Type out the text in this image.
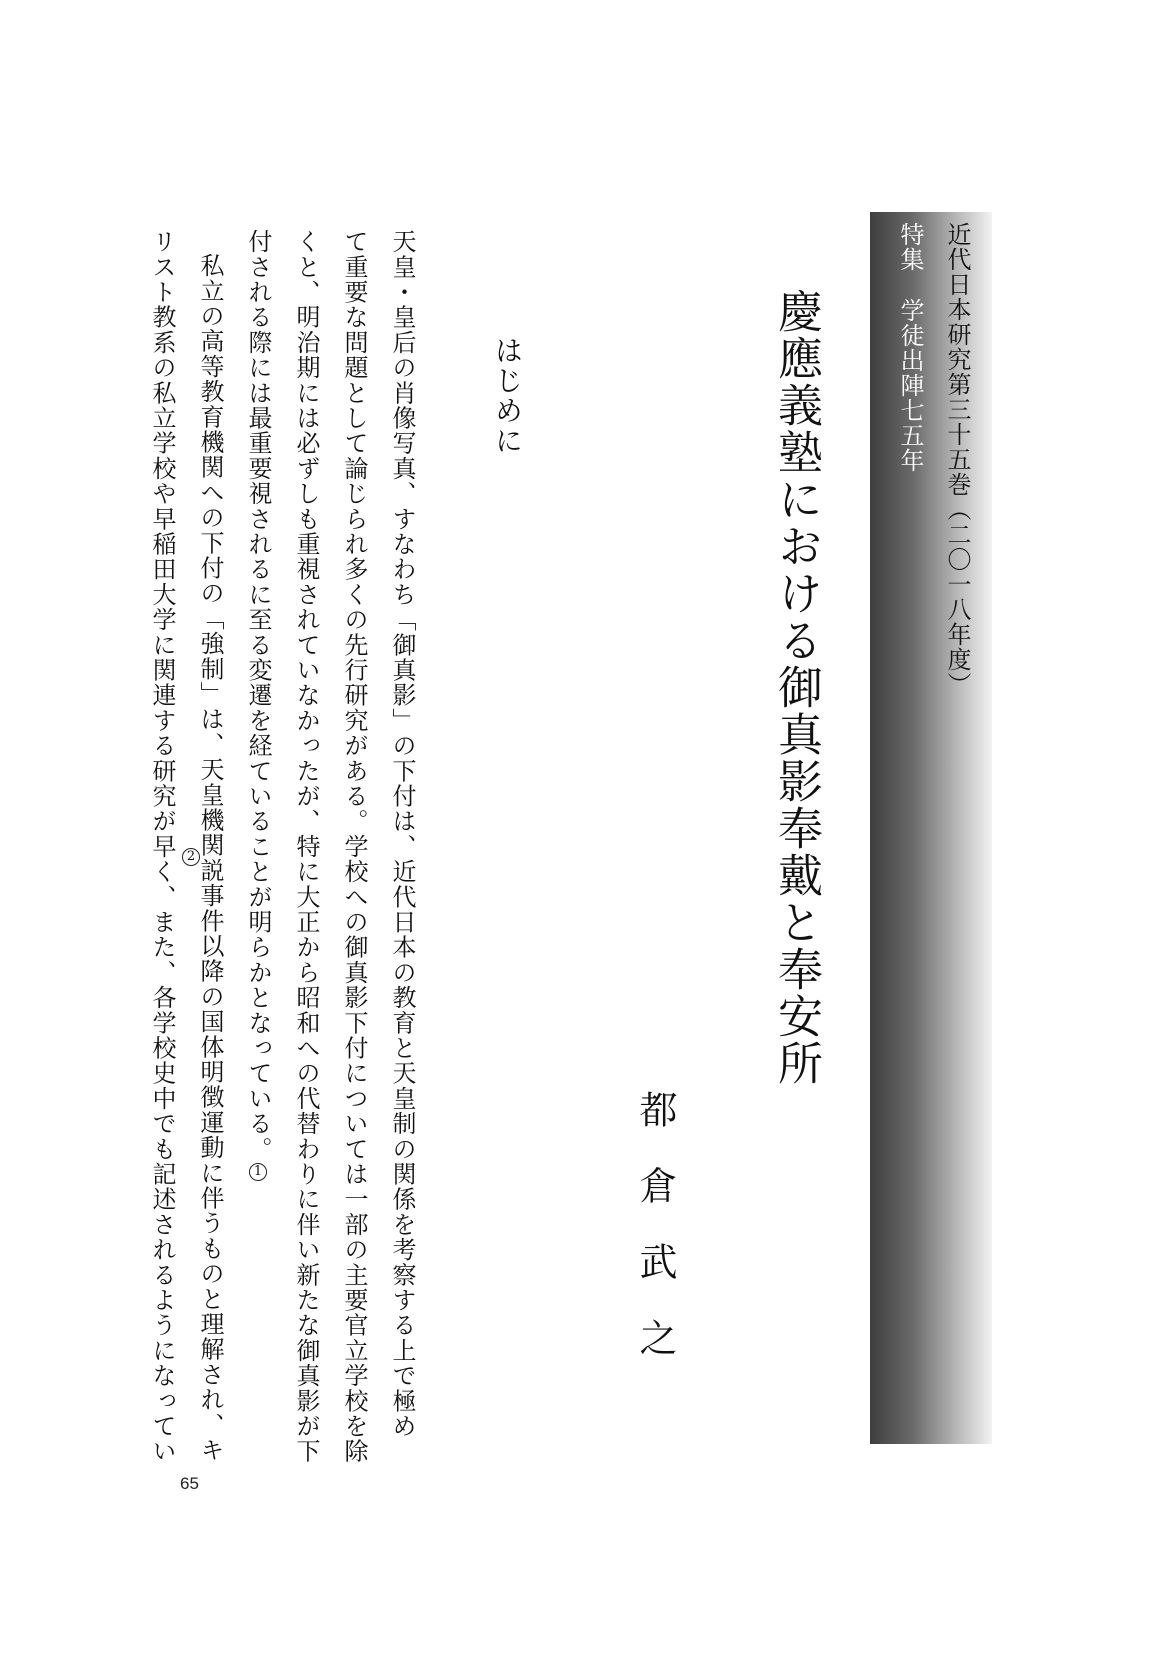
近代日本研究第三十五巻（二〇一八年度）
特集学徒出陣七五年
慶應義塾における御真影奉戴と奉安所
都倉武之
はじめに
天皇・皇后の肖像写真、すなわち「御真影」の下付は、近代日本の教育と天皇制の関係を考察する上で極め
て重要な問題として論じられ多くの先行研究がある。学校への御真影下付については一部の主要官立学校を除
くと、明治期には必ずしも重視されていなかったが、特に大正から昭和への代替わりに伴い新たな御真影が下
付される際には最重要視されるに至る変遷を経ていることが明らかとなっている。1
私立の高等教育機関への下付の「強制」は、天皇機関説事件以降の国体明徴運動に伴うものと理解され、キ
リスト教系の私立学校や早稲田大学に関連する研究が早く、また、各学校史中でも記述されるようになってい 2
65
